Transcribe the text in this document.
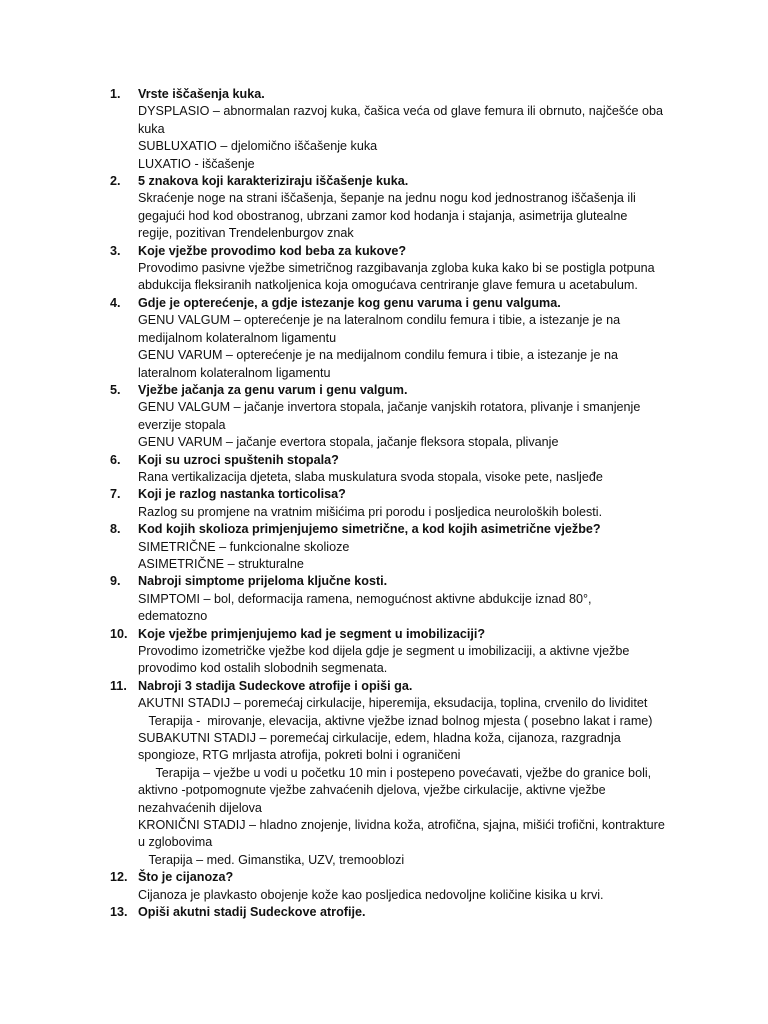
1.	Vrste iščašenja kuka.
DYSPLASIO – abnormalan razvoj kuka, čašica veća od glave femura ili obrnuto, najčešće oba
kuka
SUBLUXATIO – djelomično iščašenje kuka
LUXATIO - iščašenje
2.	5 znakova koji karakteriziraju iščašenje kuka.
Skraćenje noge na strani iščašenja, šepanje na jednu nogu kod jednostranog iščašenja ili
gegajući hod kod obostranog, ubrzani zamor kod hodanja i stajanja, asimetrija glutealne
regije, pozitivan Trendelenburgov znak
3.	Koje vježbe provodimo kod beba za kukove?
Provodimo pasivne vježbe simetričnog razgibavanja zgloba kuka kako bi se postigla potpuna
abdukcija fleksiranih natkoljenica koja omogućava centriranje glave femura u acetabulum.
4.	Gdje je opterećenje, a gdje istezanje kog genu varuma i genu valguma.
GENU VALGUM – opterećenje je na lateralnom condilu femura i tibie, a istezanje je na
medijalnom kolateralnom ligamentu
GENU VARUM – opterećenje je na medijalnom condilu femura i tibie, a istezanje je na
lateralnom kolateralnom ligamentu
5.	Vježbe jačanja za genu varum i genu valgum.
GENU VALGUM – jačanje invertora stopala, jačanje vanjskih rotatora, plivanje i smanjenje
everzije stopala
GENU VARUM – jačanje evertora stopala, jačanje fleksora stopala, plivanje
6.	Koji su uzroci spuštenih stopala?
Rana vertikalizacija djeteta, slaba muskulatura svoda stopala, visoke pete, nasljeđe
7.	Koji je razlog nastanka torticolisa?
Razlog su promjene na vratnim mišićima pri porodu i posljedica neuroloških bolesti.
8.	Kod kojih skolioza primjenjujemo simetrične, a kod kojih asimetrične vježbe?
SIMETRIČNE – funkcionalne skolioze
ASIMETRIČNE – strukturalne
9.	Nabroji simptome prijeloma ključne kosti.
SIMPTOMI – bol, deformacija ramena, nemogućnost aktivne abdukcije iznad 80°,
edematozno
10. Koje vježbe primjenjujemo kad je segment u imobilizaciji?
Provodimo izometričke vježbe kod dijela gdje je segment u imobilizaciji, a aktivne vježbe
provodimo kod ostalih slobodnih segmenata.
11. Nabroji 3 stadija Sudeckove atrofije i opiši ga.
AKUTNI STADIJ – poremećaj cirkulacije, hiperemija, eksudacija, toplina, crvenilo do lividitet
Terapija -  mirovanje, elevacija, aktivne vježbe iznad bolnog mjesta ( posebno lakat i rame)
SUBAKUTNI STADIJ – poremećaj cirkulacije, edem, hladna koža, cijanoza, razgradnja
spongioze, RTG mrljasta atrofija, pokreti bolni i ograničeni
Terapija – vježbe u vodi u početku 10 min i postepeno povećavati, vježbe do granice boli,
aktivno -potpomognute vježbe zahvaćenih djelova, vježbe cirkulacije, aktivne vježbe
nezahvaćenih dijelova
KRONIČNI STADIJ – hladno znojenje, lividna koža, atrofična, sjajna, mišići trofični, kontrakture
u zglobovima
Terapija – med. Gimanstika, UZV, tremooblozi
12. Što je cijanoza?
Cijanoza je plavkasto obojenje kože kao posljedica nedovoljne količine kisika u krvi.
13. Opiši akutni stadij Sudeckove atrofije.
